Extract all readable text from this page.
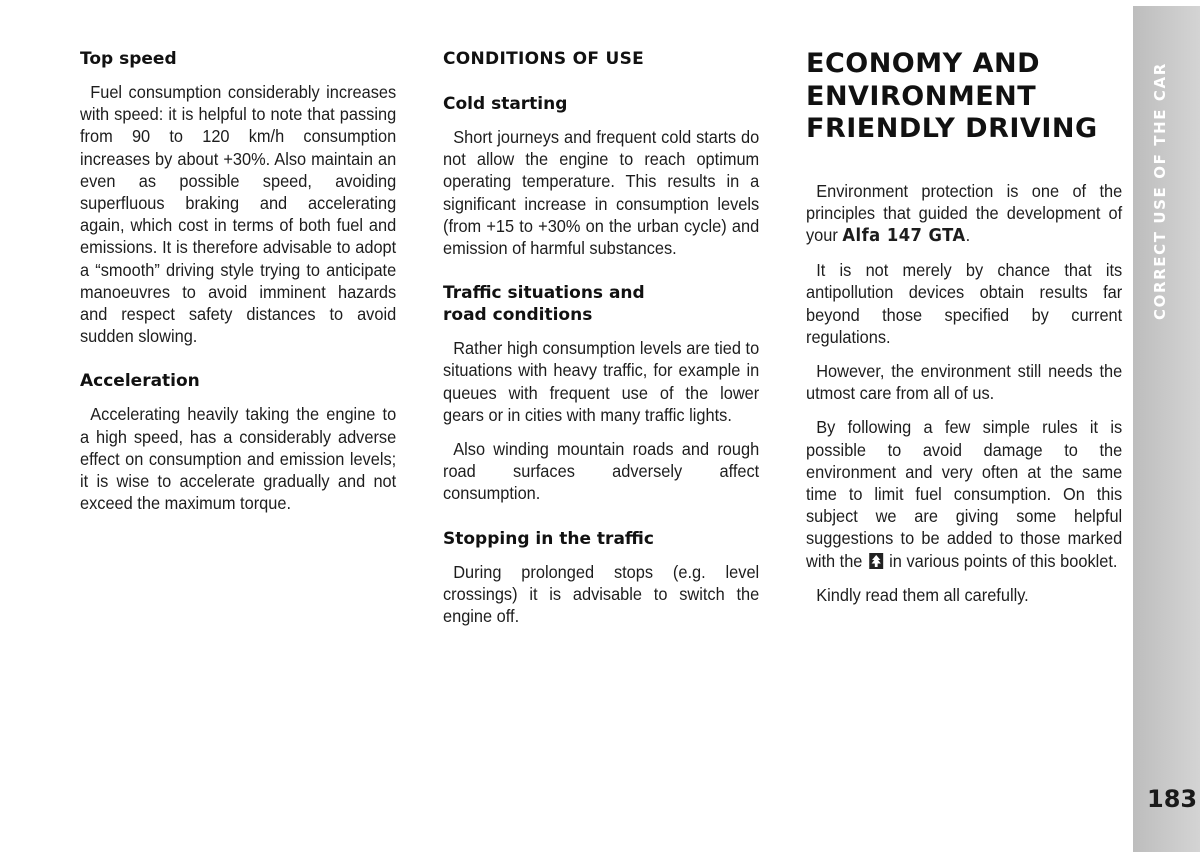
Top speed

Fuel consumption considerably increases with speed: it is helpful to note that passing from 90 to 120 km/h consumption increases by about +30%. Also maintain an even as possible speed, avoiding superfluous braking and accelerating again, which cost in terms of both fuel and emissions. It is therefore advisable to adopt a “smooth” driving style trying to anticipate manoeuvres to avoid imminent hazards and respect safety distances to avoid sudden slowing.

Acceleration

Accelerating heavily taking the engine to a high speed, has a considerably adverse effect on consumption and emission levels; it is wise to accelerate gradually and not exceed the maximum torque.

CONDITIONS OF USE
Cold starting

Short journeys and frequent cold starts do not allow the engine to reach optimum operating temperature. This results in a significant increase in consumption levels (from +15 to +30% on the urban cycle) and emission of harmful substances.

Traffic situations and
road conditions

Rather high consumption levels are tied to situations with heavy traffic, for example in queues with frequent use of the lower gears or in cities with many traffic lights.

Also winding mountain roads and rough road surfaces adversely affect consumption.

Stopping in the traffic

During prolonged stops (e.g. level crossings) it is advisable to switch the engine off.

ECONOMY AND
ENVIRONMENT
FRIENDLY DRIVING

Environment protection is one of the principles that guided the development of your Alfa 147 GTA.

It is not merely by chance that its antipollution devices obtain results far beyond those specified by current regulations.

However, the environment still needs the utmost care from all of us.

By following a few simple rules it is possible to avoid damage to the environment and very often at the same time to limit fuel consumption. On this subject we are giving some helpful suggestions to be added to those marked with the in various points of this booklet.

Kindly read them all carefully.

CORRECT USE OF THE CAR
183
